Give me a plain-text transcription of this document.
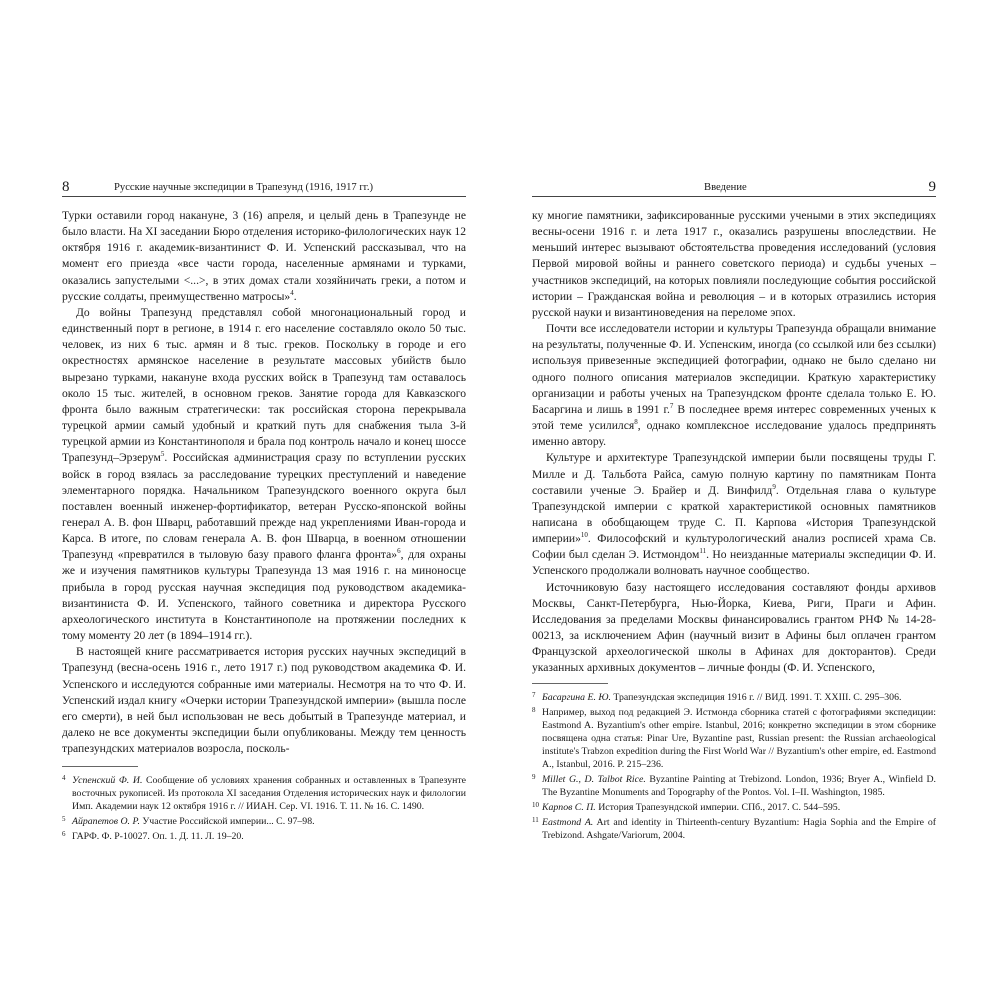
8	Русские научные экспедиции в Трапезунд (1916, 1917 гг.)

Турки оставили город накануне, 3 (16) апреля, и целый день в Трапезунде не было власти. На XI заседании Бюро отделения историко-филологических наук 12 октября 1916 г. академик-византинист Ф. И. Успенский рассказывал, что на момент его приезда «все части города, населенные армянами и турками, оказались запустелыми <...>, в этих домах стали хозяйничать греки, а потом и русские солдаты, преимущественно матросы»$^4$.

До войны Трапезунд представлял собой многонациональный город и единственный порт в регионе, в 1914 г. его население составляло около 50 тыс. человек, из них 6 тыс. армян и 8 тыс. греков. Поскольку в городе и его окрестностях армянское население в результате массовых убийств было вырезано турками, накануне входа русских войск в Трапезунд там оставалось около 15 тыс. жителей, в основном греков. Занятие города для Кавказского фронта было важным стратегически: так российская сторона перекрывала турецкой армии самый удобный и краткий путь для снабжения тыла 3-й турецкой армии из Константинополя и брала под контроль начало и конец шоссе Трапезунд–Эрзерум$^5$. Российская администрация сразу по вступлении русских войск в город взялась за расследование турецких преступлений и наведение элементарного порядка. Начальником Трапезундского военного округа был поставлен военный инженер-фортификатор, ветеран Русско-японской войны генерал А. В. фон Шварц, работавший прежде над укреплениями Иван-города и Карса. В итоге, по словам генерала А. В. фон Шварца, в военном отношении Трапезунд «превратился в тыловую базу правого фланга фронта»$^6$, для охраны же и изучения памятников культуры Трапезунда 13 мая 1916 г. на миноносце прибыла в город русская научная экспедиция под руководством академика-византиниста Ф. И. Успенского, тайного советника и директора Русского археологического института в Константинополе на протяжении последних к тому моменту 20 лет (в 1894–1914 гг.).

В настоящей книге рассматривается история русских научных экспедиций в Трапезунд (весна-осень 1916 г., лето 1917 г.) под руководством академика Ф. И. Успенского и исследуются собранные ими материалы. Несмотря на то что Ф. И. Успенский издал книгу «Очерки истории Трапезундской империи» (вышла после его смерти), в ней был использован не весь добытый в Трапезунде материал, и далеко не все документы экспедиции были опубликованы. Между тем ценность трапезундских материалов возросла, посколь-

4 Успенский Ф. И. Сообщение об условиях хранения собранных и оставленных в Трапезунте восточных рукописей. Из протокола XI заседания Отделения исторических наук и филологии Имп. Академии наук 12 октября 1916 г. // ИИАН. Сер. VI. 1916. Т. 11. № 16. С. 1490.

5 Айрапетов О. Р. Участие Российской империи... С. 97–98.

6 ГАРФ. Ф. Р-10027. Оп. 1. Д. 11. Л. 19–20.

Введение	9

ку многие памятники, зафиксированные русскими учеными в этих экспедициях весны-осени 1916 г. и лета 1917 г., оказались разрушены впоследствии. Не меньший интерес вызывают обстоятельства проведения исследований (условия Первой мировой войны и раннего советского периода) и судьбы ученых – участников экспедиций, на которых повлияли последующие события российской истории – Гражданская война и революция – и в которых отразились история русской науки и византиноведения на переломе эпох.

Почти все исследователи истории и культуры Трапезунда обращали внимание на результаты, полученные Ф. И. Успенским, иногда (со ссылкой или без ссылки) используя привезенные экспедицией фотографии, однако не было сделано ни одного полного описания материалов экспедиции. Краткую характеристику организации и работы ученых на Трапезундском фронте сделала только Е. Ю. Басаргина и лишь в 1991 г.$^7$ В последнее время интерес современных ученых к этой теме усилился$^8$, однако комплексное исследование удалось предпринять именно автору.

Культуре и архитектуре Трапезундской империи были посвящены труды Г. Милле и Д. Тальбота Райса, самую полную картину по памятникам Понта составили ученые Э. Брайер и Д. Винфилд$^9$. Отдельная глава о культуре Трапезундской империи с краткой характеристикой основных памятников написана в обобщающем труде С. П. Карпова «История Трапезундской империи»$^{10}$. Философский и культурологический анализ росписей храма Св. Софии был сделан Э. Истмондом$^{11}$. Но неизданные материалы экспедиции Ф. И. Успенского продолжали волновать научное сообщество.

Источниковую базу настоящего исследования составляют фонды архивов Москвы, Санкт-Петербурга, Нью-Йорка, Киева, Риги, Праги и Афин. Исследования за пределами Москвы финансировались грантом РНФ № 14-28-00213, за исключением Афин (научный визит в Афины был оплачен грантом Французской археологической школы в Афинах для докторантов). Среди указанных архивных документов – личные фонды (Ф. И. Успенского,

7 Басаргина Е. Ю. Трапезундская экспедиция 1916 г. // ВИД. 1991. Т. XXIII. С. 295–306.

8 Например, выход под редакцией Э. Истмонда сборника статей с фотографиями экспедиции: Eastmond A. Byzantium's other empire. Istanbul, 2016; конкретно экспедиции в этом сборнике посвящена одна статья: Pinar Ure, Byzantine past, Russian present: the Russian archaeological institute's Trabzon expedition during the First World War // Byzantium's other empire, ed. Eastmond A., Istanbul, 2016. P. 215–236.

9 Millet G., D. Talbot Rice. Byzantine Painting at Trebizond. London, 1936; Bryer A., Winfield D. The Byzantine Monuments and Topography of the Pontos. Vol. I–II. Washington, 1985.

10 Карпов С. П. История Трапезундской империи. СПб., 2017. С. 544–595.

11 Eastmond A. Art and identity in Thirteenth-century Byzantium: Hagia Sophia and the Empire of Trebizond. Ashgate/Variorum, 2004.
